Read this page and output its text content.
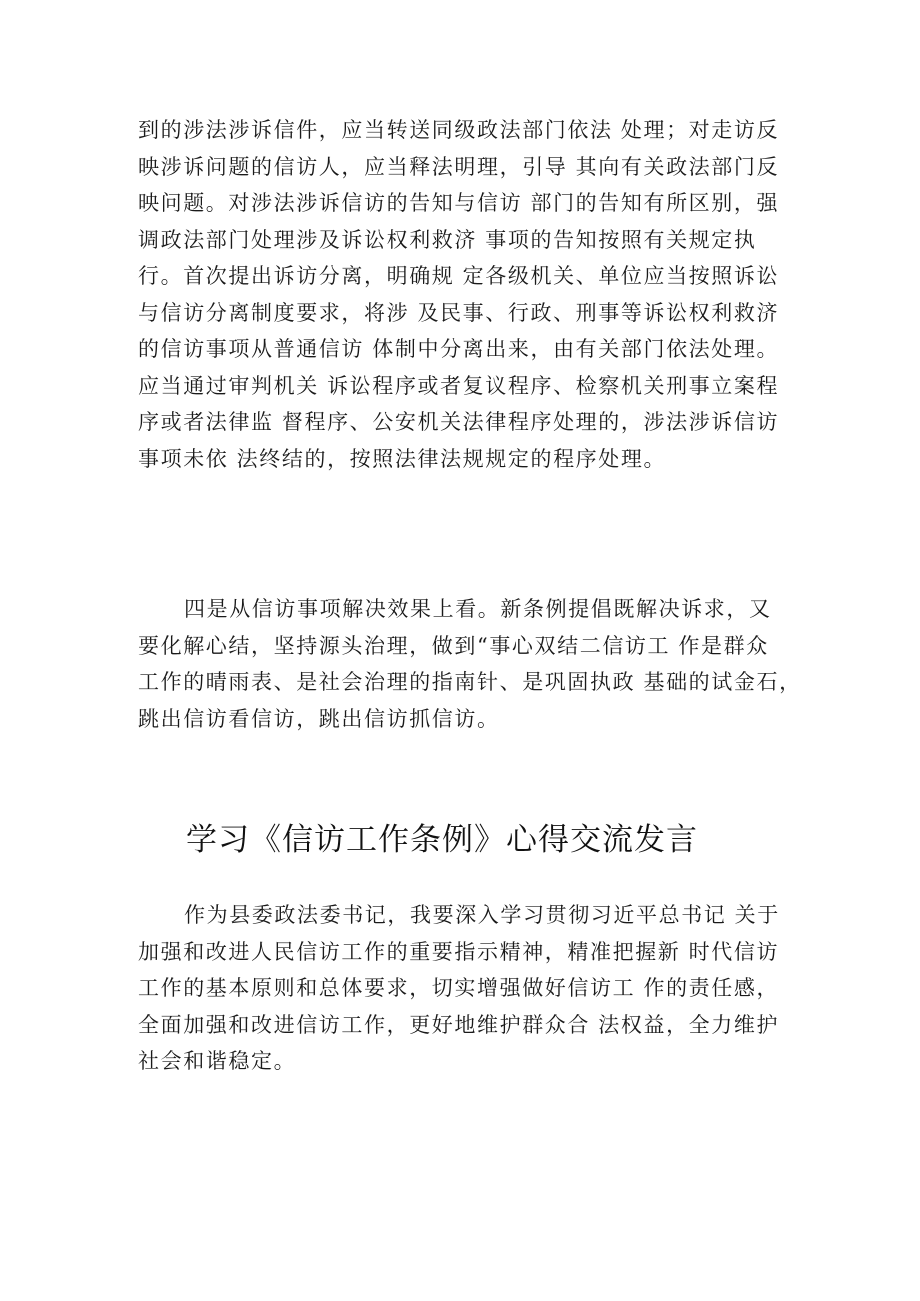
到的涉法涉诉信件，应当转送同级政法部门依法 处理；对走访反
映涉诉问题的信访人，应当释法明理，引导 其向有关政法部门反
映问题。对涉法涉诉信访的告知与信访 部门的告知有所区别，强
调政法部门处理涉及诉讼权利救济 事项的告知按照有关规定执
行。首次提出诉访分离，明确规 定各级机关、单位应当按照诉讼
与信访分离制度要求，将涉 及民事、行政、刑事等诉讼权利救济
的信访事项从普通信访 体制中分离出来，由有关部门依法处理。
应当通过审判机关 诉讼程序或者复议程序、检察机关刑事立案程
序或者法律监 督程序、公安机关法律程序处理的，涉法涉诉信访
事项未依 法终结的，按照法律法规规定的程序处理。
四是从信访事项解决效果上看。新条例提倡既解决诉求，又
要化解心结，坚持源头治理，做到“事心双结二信访工 作是群众
工作的晴雨表、是社会治理的指南针、是巩固执政 基础的试金石，
跳出信访看信访，跳出信访抓信访。
学习《信访工作条例》心得交流发言
作为县委政法委书记，我要深入学习贯彻习近平总书记 关于
加强和改进人民信访工作的重要指示精神，精准把握新 时代信访
工作的基本原则和总体要求，切实增强做好信访工 作的责任感，
全面加强和改进信访工作，更好地维护群众合 法权益，全力维护
社会和谐稳定。
